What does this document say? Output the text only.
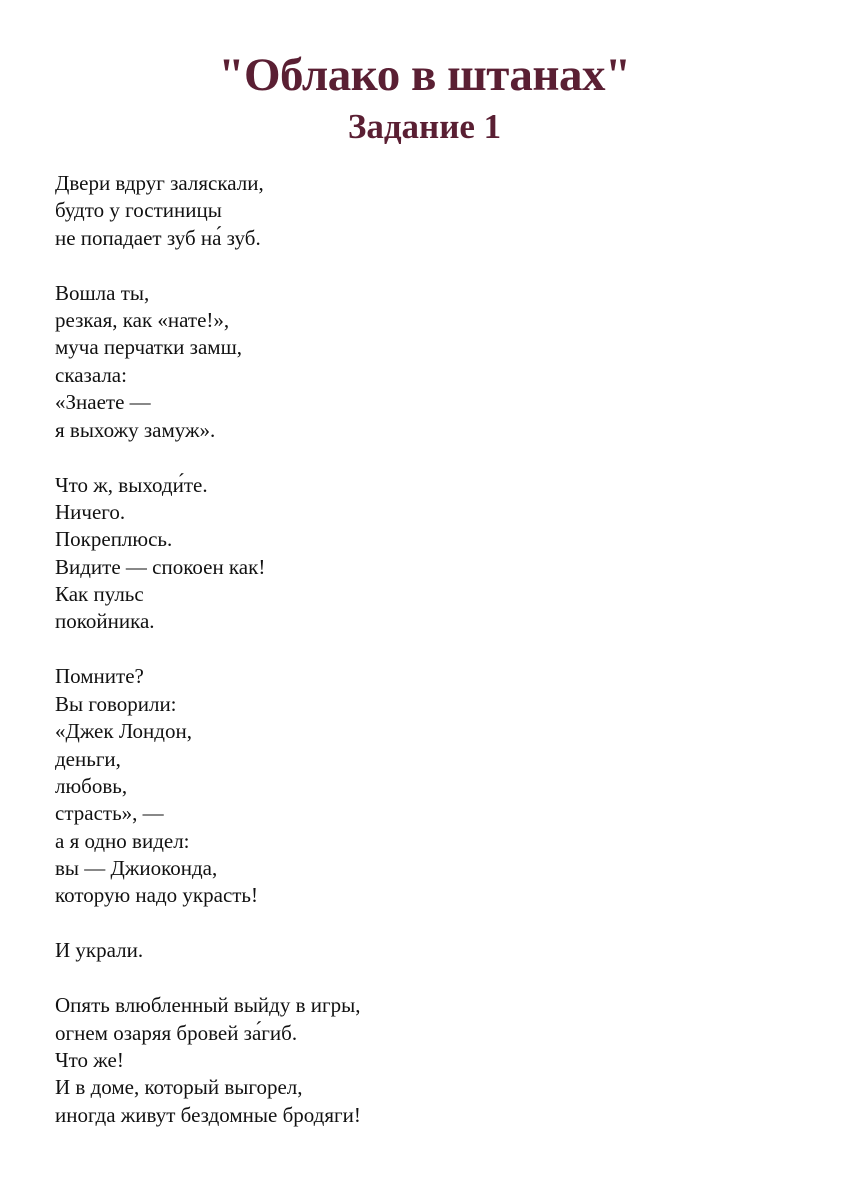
"Облако в штанах"
Задание 1
Двери вдруг заляскали,
будто у гостиницы
не попадает зуб на́ зуб.
Вошла ты,
резкая, как «нате!»,
муча перчатки замш,
сказала:
«Знаете —
я выхожу замуж».
Что ж, выходи́те.
Ничего.
Покреплюсь.
Видите — спокоен как!
Как пульс
покойника.
Помните?
Вы говорили:
«Джек Лондон,
деньги,
любовь,
страсть», —
а я одно видел:
вы — Джиоконда,
которую надо украсть!
И украли.
Опять влюбленный выйду в игры,
огнем озаряя бровей за́гиб.
Что же!
И в доме, который выгорел,
иногда живут бездомные бродяги!
